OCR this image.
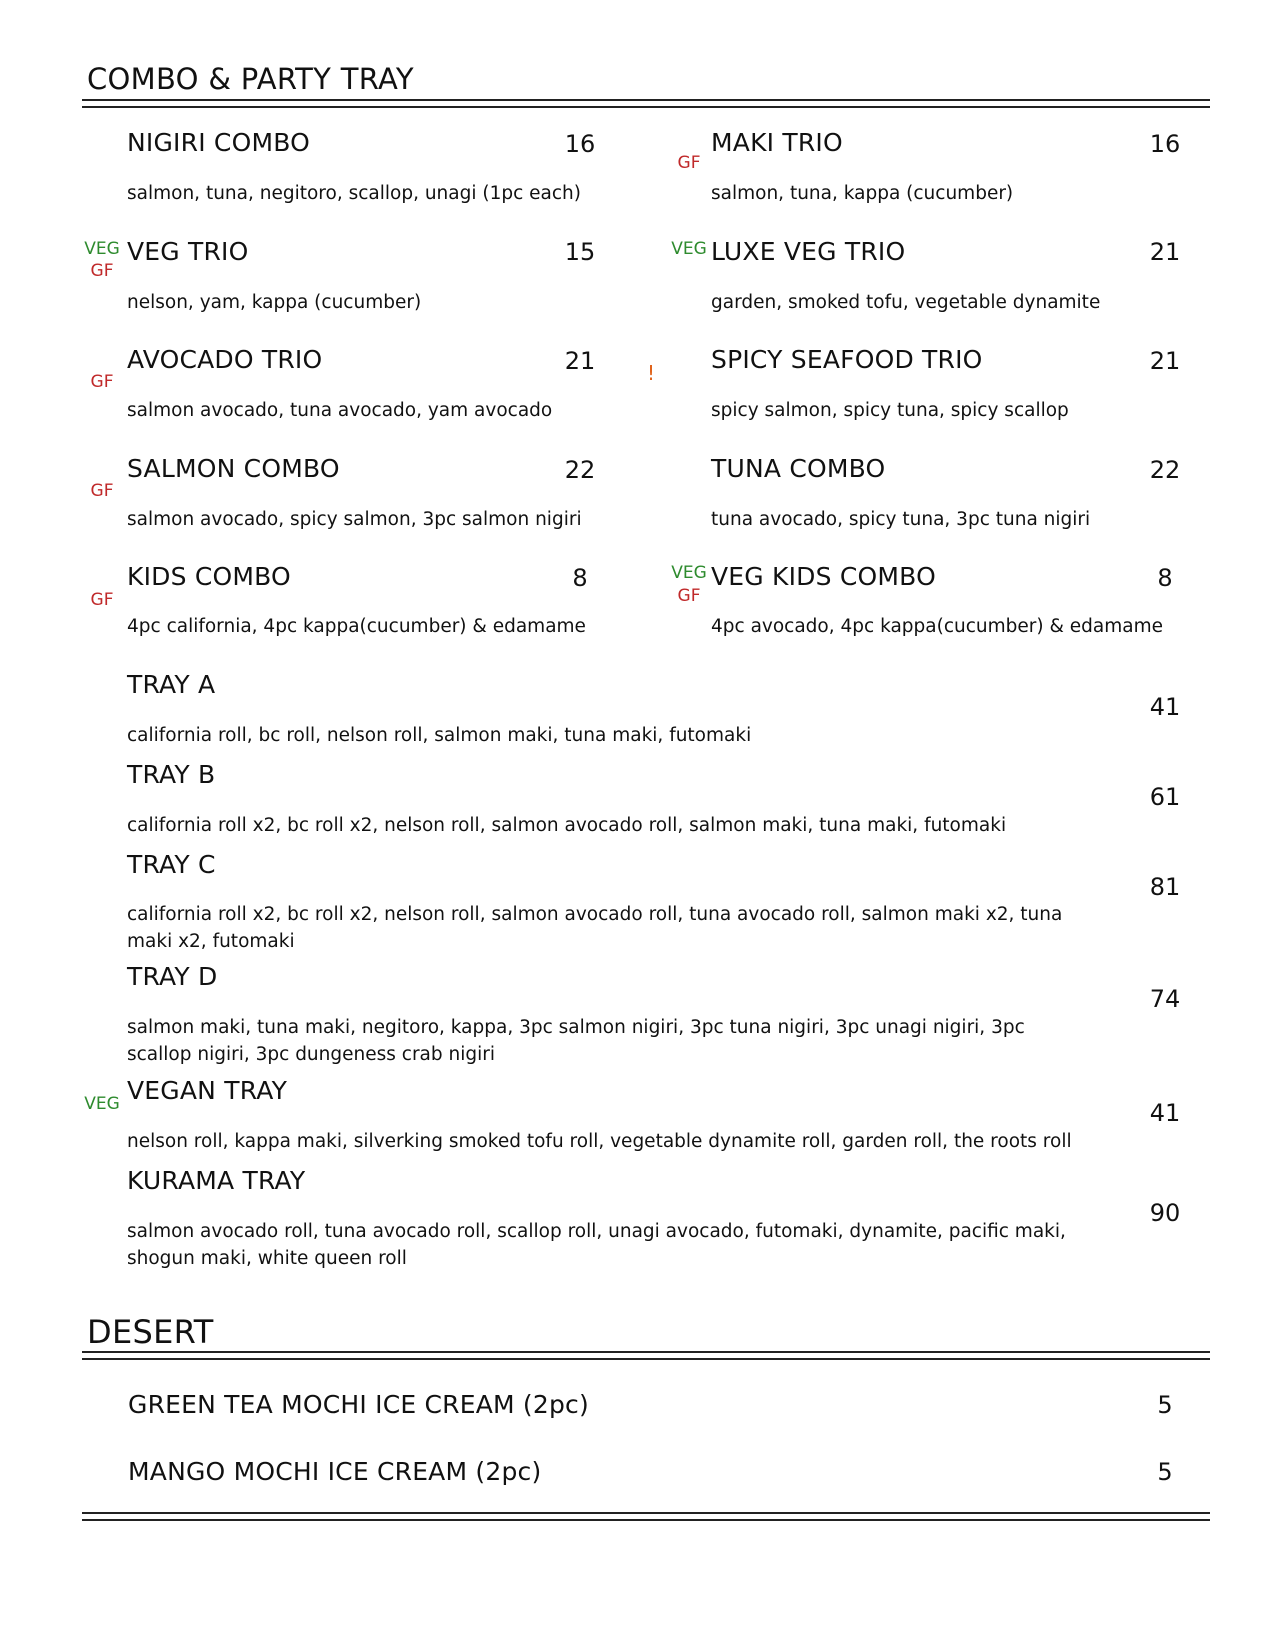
COMBO & PARTY TRAY
NIGIRI COMBO	16
salmon, tuna, negitoro, scallop, unagi (1pc each)
VEG
GF
VEG TRIO	15
nelson, yam, kappa (cucumber)
GF
AVOCADO TRIO	21
salmon avocado, tuna avocado, yam avocado
GF
SALMON COMBO	22
salmon avocado, spicy salmon, 3pc salmon nigiri
GF
KIDS COMBO	8
4pc california, 4pc kappa(cucumber) & edamame
GF
MAKI TRIO	16
salmon, tuna, kappa (cucumber)
VEG LUXE VEG TRIO	21
garden, smoked tofu, vegetable dynamite
! SPICY SEAFOOD TRIO	21
spicy salmon, spicy tuna, spicy scallop
TUNA COMBO	22
tuna avocado, spicy tuna, 3pc tuna nigiri
VEG
GF
VEG KIDS COMBO	8
4pc avocado, 4pc kappa(cucumber) & edamame
TRAY A
41
california roll, bc roll, nelson roll, salmon maki, tuna maki, futomaki
TRAY B
61
california roll x2, bc roll x2, nelson roll, salmon avocado roll, salmon maki, tuna maki, futomaki
TRAY C
81
california roll x2, bc roll x2, nelson roll, salmon avocado roll, tuna avocado roll, salmon maki x2, tuna maki x2, futomaki
TRAY D
74
salmon maki, tuna maki, negitoro, kappa, 3pc salmon nigiri, 3pc tuna nigiri, 3pc unagi nigiri, 3pc scallop nigiri, 3pc dungeness crab nigiri
VEG VEGAN TRAY
41
nelson roll, kappa maki, silverking smoked tofu roll, vegetable dynamite roll, garden roll, the roots roll
KURAMA TRAY
90
salmon avocado roll, tuna avocado roll, scallop roll, unagi avocado, futomaki, dynamite, pacific maki, shogun maki, white queen roll
DESERT
GREEN TEA MOCHI ICE CREAM (2pc)	5
MANGO MOCHI ICE CREAM (2pc)	5
